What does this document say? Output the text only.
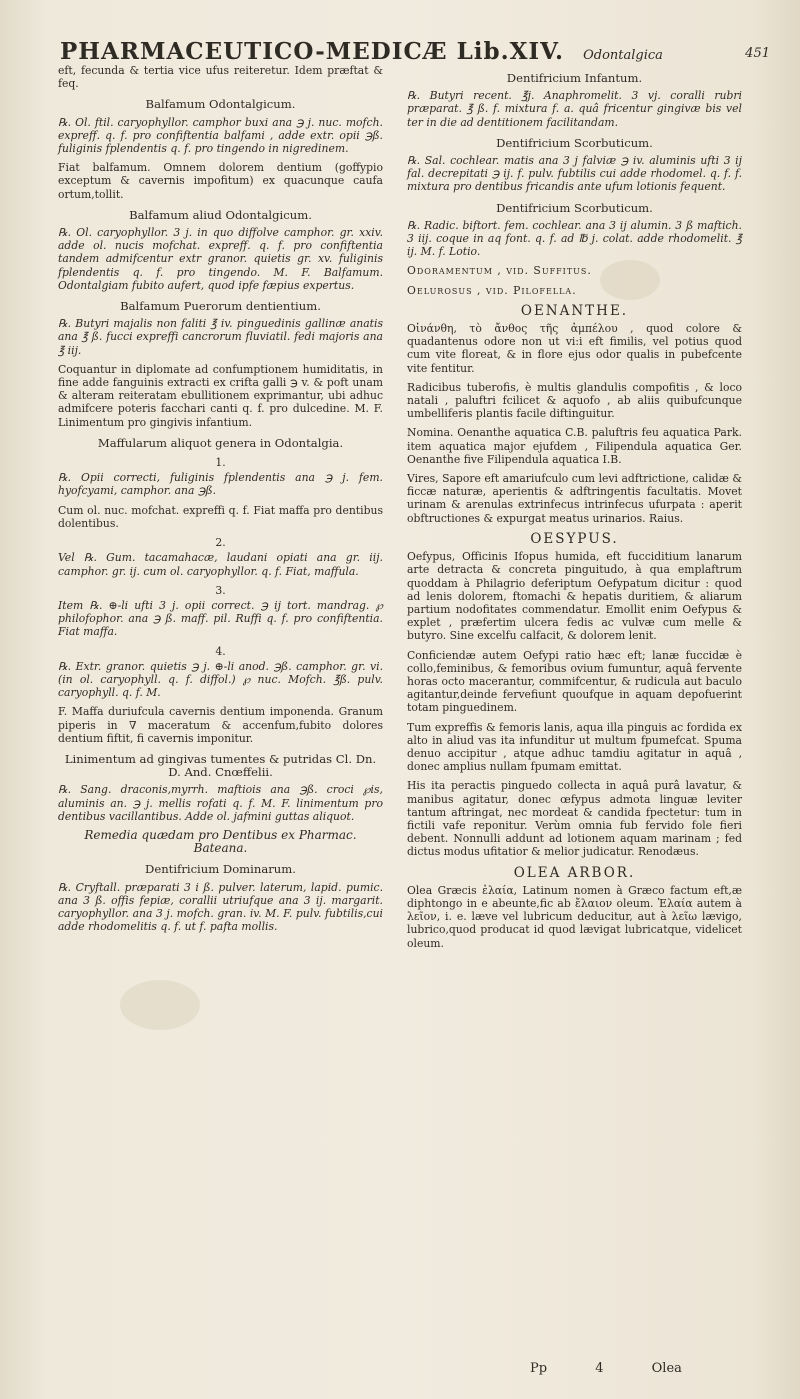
PHARMACEUTICO-MEDICÆ Lib.XIV. Odontalgica	451

eft, fecunda & tertia vice ufus reiteretur. Idem præftat & feq.

Balfamum Odontalgicum.

℞. Ol. ftil. caryophyllor. camphor buxi ana ℈ j. nuc. mofch. expreff. q. f. pro confiftentia balfami , adde extr. opii ℈ß. fuliginis fplendentis q. f. pro tingendo in nigredinem.

Fiat balfamum. Omnem dolorem dentium (goffypio exceptum & cavernis impofitum) ex quacunque caufa ortum,tollit.

Balfamum aliud Odontalgicum.

℞. Ol. caryophyllor. 3 j. in quo diffolve camphor. gr. xxiv. adde ol. nucis mofchat. expreff. q. f. pro confiftentia tandem admifcentur extr granor. quietis gr. xv. fuliginis fplendentis q. f. pro tingendo. M. F. Balfamum. Odontalgiam fubito aufert, quod ipfe fæpius expertus.

Balfamum Puerorum dentientium.

℞. Butyri majalis non faliti ℥ iv. pinguedinis gallinæ anatis ana ℥ ß. fucci expreffi cancrorum fluviatil. fedi majoris ana ℥ iij.

Coquantur in diplomate ad confumptionem humiditatis, in fine adde fanguinis extracti ex crifta galli ℈ v. & poft unam & alteram reiteratam ebullitionem exprimantur, ubi adhuc admifcere poteris facchari canti q. f. pro dulcedine. M. F. Linimentum pro gingivis infantium.

Maffularum aliquot genera in Odontalgia.
1.

℞. Opii correcti, fuliginis fplendentis ana ℈ j. fem. hyofcyami, camphor. ana ℈ß.

Cum ol. nuc. mofchat. expreffi q. f. Fiat maffa pro dentibus dolentibus.

2.

Vel ℞. Gum. tacamahacæ, laudani opiati ana gr. iij. camphor. gr. ij. cum ol. caryophyllor. q. f. Fiat, maffula.

3.

Item ℞. ⊕-li ufti 3 j. opii correct. ℈ ij tort. mandrag. ℘ philofophor. ana ℈ ß. maff. pil. Ruffi q. f. pro confiftentia. Fiat maffa.

4.

℞. Extr. granor. quietis ℈ j. ⊕-li anod. ℈ß. camphor. gr. vi. (in ol. caryophyll. q. f. diffol.) ℘ nuc. Mofch. ℥ß. pulv. caryophyll. q. f. M.

F. Maffa duriufcula cavernis dentium imponenda. Granum piperis in ∇ maceratum & accenfum,fubito dolores dentium fiftit, fi cavernis imponitur.

Linimentum ad gingivas tumentes & putridas Cl. Dn. D. And. Cnœffelii.

℞. Sang. draconis,myrrh. maftiois ana ℈ß. croci ℘is, aluminis an. ℈ j. mellis rofati q. f. M. F. linimentum pro dentibus vacillantibus. Adde ol. jafmini guttas aliquot.

Remedia quædam pro Dentibus ex Pharmac. Bateana.
Dentifricium Dominarum.

℞. Cryftall. præparati 3 i ß. pulver. laterum, lapid. pumic. ana 3 ß. offis fepiæ, corallii utriufque ana 3 ij. margarit. caryophyllor. ana 3 j. mofch. gran. iv. M. F. pulv. fubtilis,cui adde rhodomelitis q. f. ut f. pafta mollis.

Dentifricium Infantum.

℞. Butyri recent. ℥j. Anaphromelit. 3 vj. coralli rubri præparat. ℥ ß. f. mixtura f. a. quâ fricentur gingivæ bis vel ter in die ad dentitionem facilitandam.

Dentifricium Scorbuticum.

℞. Sal. cochlear. matis ana 3 j falviæ ℈ iv. aluminis ufti 3 ij fal. decrepitati ℈ ij. f. pulv. fubtilis cui adde rhodomel. q. f. f. mixtura pro dentibus fricandis ante ufum lotionis fequent.

Dentifricium Scorbuticum.

℞. Radic. biftort. fem. cochlear. ana 3 ij alumin. 3 ß maftich. 3 iij. coque in aq font. q. f. ad ℔ j. colat. adde rhodomelit. ℥ ij. M. f. Lotio.

Odoramentum , vid. Suffitus.

Oelurosus , vid. Pilofella.

OENANTHE.

Οἰνάνθη, τὸ ἄνθος τῆς ἀμπέλου , quod colore & quadantenus odore non ut vi:i eft fimilis, vel potius quod cum vite floreat, & in flore ejus odor qualis in pubefcente vite fentitur.

Radicibus tuberofis, è multis glandulis compofitis , & loco natali , paluftri fcilicet & aquofo , ab aliis quibufcunque umbelliferis plantis facile diftinguitur.

Nomina. Oenanthe aquatica C.B. paluftris feu aquatica Park. item aquatica major ejufdem , Filipendula aquatica Ger. Oenanthe five Filipendula aquatica I.B.

Vires, Sapore eft amariufculo cum levi adftrictione, calidæ & ficcæ naturæ, aperientis & adftringentis facultatis. Movet urinam & arenulas extrinfecus intrinfecus ufurpata : aperit obftructiones & expurgat meatus urinarios. Raius.

OESYPUS.

Oefypus, Officinis Ifopus humida, eft fucciditium lanarum arte detracta & concreta pinguitudo, à qua emplaftrum quoddam à Philagrio deferiptum Oefypatum dicitur : quod ad lenis dolorem, ftomachi & hepatis duritiem, & aliarum partium nodofitates commendatur. Emollit enim Oefypus & explet , præfertim ulcera fedis ac vulvæ cum melle & butyro. Sine excelfu calfacit, & dolorem lenit.

Conficiendæ autem Oefypi ratio hæc eft; lanæ fuccidæ è collo,feminibus, & femoribus ovium fumuntur, aquâ fervente horas octo macerantur, commifcentur, & rudicula aut baculo agitantur,deinde fervefiunt quoufque in aquam depofuerint totam pinguedinem.

Tum expreffis & femoris lanis, aqua illa pinguis ac fordida ex alto in aliud vas ita infunditur ut multum fpumefcat. Spuma denuo accipitur , atque adhuc tamdiu agitatur in aquâ , donec amplius nullam fpumam emittat.

His ita peractis pinguedo collecta in aquâ purâ lavatur, & manibus agitatur, donec œfypus admota linguæ leviter tantum aftringat, nec mordeat & candida fpectetur: tum in fictili vafe reponitur. Verùm omnia fub fervido fole fieri debent. Nonnulli addunt ad lotionem aquam marinam ; fed dictus modus ufitatior & melior judicatur. Renodæus.

OLEA ARBOR.

Olea Græcis ἐλαία, Latinum nomen à Græco factum eft,æ diphtongo in e abeunte,fic ab ἔλαιον oleum. Ἐλαία autem à λεῖον, i. e. læve vel lubricum deducitur, aut à λεῖω lævigo, lubrico,quod producat id quod lævigat lubricatque, videlicet oleum.

Pp	4	Olea
